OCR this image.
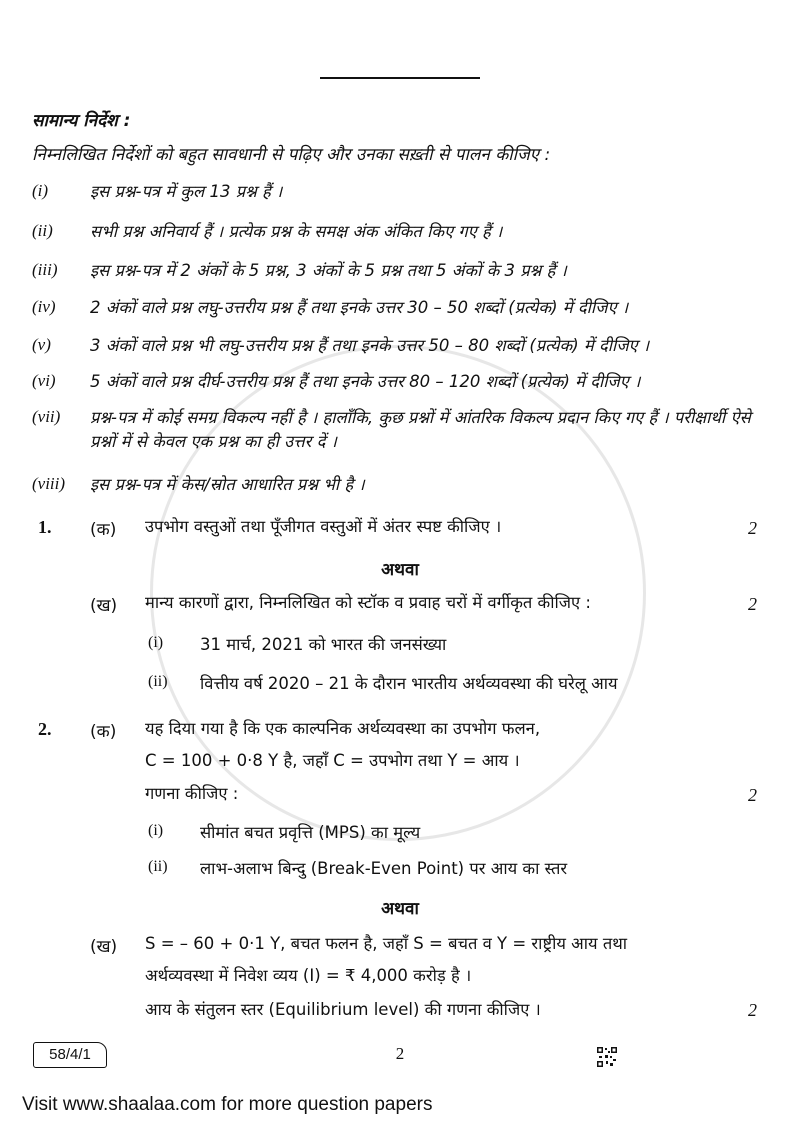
सामान्य निर्देश :
निम्नलिखित निर्देशों को बहुत सावधानी से पढ़िए और उनका सख़्ती से पालन कीजिए :
(i)	इस प्रश्न-पत्र में कुल 13 प्रश्न हैं ।
(ii) सभी प्रश्न अनिवार्य हैं । प्रत्येक प्रश्न के समक्ष अंक अंकित किए गए हैं ।
(iii) इस प्रश्न-पत्र में 2 अंकों के 5 प्रश्न, 3 अंकों के 5 प्रश्न तथा 5 अंकों के 3 प्रश्न हैं ।
(iv) 2 अंकों वाले प्रश्न लघु-उत्तरीय प्रश्न हैं तथा इनके उत्तर 30 – 50 शब्दों (प्रत्येक) में दीजिए ।
(v) 3 अंकों वाले प्रश्न भी लघु-उत्तरीय प्रश्न हैं तथा इनके उत्तर 50 – 80 शब्दों (प्रत्येक) में दीजिए ।
(vi) 5 अंकों वाले प्रश्न दीर्घ-उत्तरीय प्रश्न हैं तथा इनके उत्तर 80 – 120 शब्दों (प्रत्येक) में दीजिए ।
(vii) प्रश्न-पत्र में कोई समग्र विकल्प नहीं है । हालाँकि, कुछ प्रश्नों में आंतरिक विकल्प प्रदान किए गए हैं । परीक्षार्थी ऐसे प्रश्नों में से केवल एक प्रश्न का ही उत्तर दें ।
(viii) इस प्रश्न-पत्र में केस/स्रोत आधारित प्रश्न भी है ।
1. (क) उपभोग वस्तुओं तथा पूँजीगत वस्तुओं में अंतर स्पष्ट कीजिए ।	2
अथवा
(ख) मान्य कारणों द्वारा, निम्नलिखित को स्टॉक व प्रवाह चरों में वर्गीकृत कीजिए :	2
(i) 31 मार्च, 2021 को भारत की जनसंख्या
(ii) वित्तीय वर्ष 2020 – 21 के दौरान भारतीय अर्थव्यवस्था की घरेलू आय
2. (क) यह दिया गया है कि एक काल्पनिक अर्थव्यवस्था का उपभोग फलन,
C = 100 + 0·8 Y है, जहाँ C = उपभोग तथा Y = आय ।
गणना कीजिए :	2
(i) सीमांत बचत प्रवृत्ति (MPS) का मूल्य
(ii) लाभ-अलाभ बिन्दु (Break-Even Point) पर आय का स्तर
अथवा
(ख) S = – 60 + 0·1 Y, बचत फलन है, जहाँ S = बचत व Y = राष्ट्रीय आय तथा
अर्थव्यवस्था में निवेश व्यय (I) = ₹ 4,000 करोड़ है ।
आय के संतुलन स्तर (Equilibrium level) की गणना कीजिए ।	2
58/4/1	2
Visit www.shaalaa.com for more question papers
